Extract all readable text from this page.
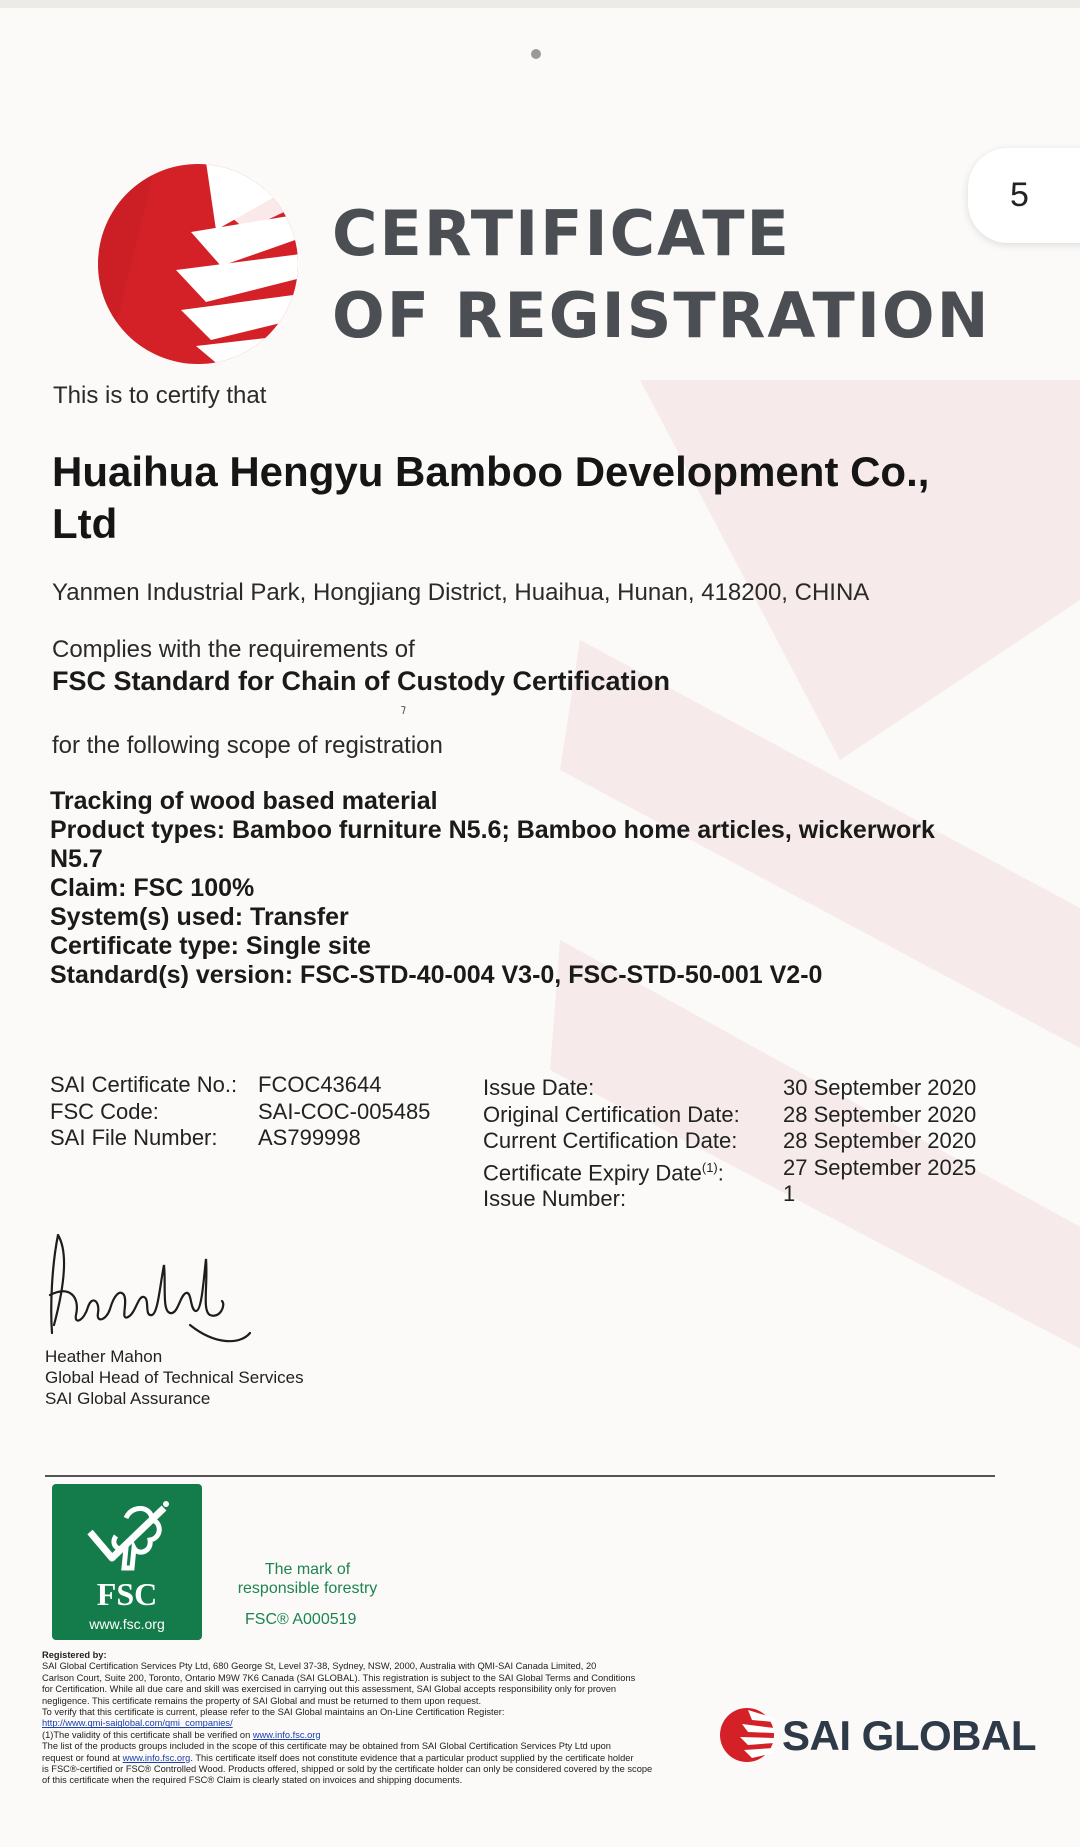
5
CERTIFICATE
OF REGISTRATION
This is to certify that
Huaihua Hengyu Bamboo Development Co., Ltd
Yanmen Industrial Park, Hongjiang District, Huaihua, Hunan, 418200, CHINA
Complies with the requirements of
FSC Standard for Chain of Custody Certification
for the following scope of registration
Tracking of wood based material
Product types: Bamboo furniture N5.6; Bamboo home articles, wickerwork N5.7
Claim: FSC 100%
System(s) used: Transfer
Certificate type: Single site
Standard(s) version: FSC-STD-40-004 V3-0, FSC-STD-50-001 V2-0
SAI Certificate No.:
FSC Code:
SAI File Number:
FCOC43644
SAI-COC-005485
AS799998
Issue Date:
Original Certification Date:
Current Certification Date:
Certificate Expiry Date$^{(1)}$:
Issue Number:
30 September 2020
28 September 2020
28 September 2020
27 September 2025
1
Heather Mahon
Global Head of Technical Services
SAI Global Assurance
FSC
www.fsc.org
The mark of
responsible forestry
FSC® A000519
Registered by:
SAI Global Certification Services Pty Ltd, 680 George St, Level 37-38, Sydney, NSW, 2000, Australia with QMI-SAI Canada Limited, 20
Carlson Court, Suite 200, Toronto, Ontario M9W 7K6 Canada (SAI GLOBAL). This registration is subject to the SAI Global Terms and Conditions
for Certification. While all due care and skill was exercised in carrying out this assessment, SAI Global accepts responsibility only for proven
negligence. This certificate remains the property of SAI Global and must be returned to them upon request.
To verify that this certificate is current, please refer to the SAI Global maintains an On-Line Certification Register:
http://www.qmi-saiglobal.com/qmi_companies/
(1)The validity of this certificate shall be verified on www.info.fsc.org
The list of the products groups included in the scope of this certificate may be obtained from SAI Global Certification Services Pty Ltd upon
request or found at www.info.fsc.org. This certificate itself does not constitute evidence that a particular product supplied by the certificate holder
is FSC®-certified or FSC® Controlled Wood. Products offered, shipped or sold by the certificate holder can only be considered covered by the scope
of this certificate when the required FSC® Claim is clearly stated on invoices and shipping documents.
SAI GLOBAL
